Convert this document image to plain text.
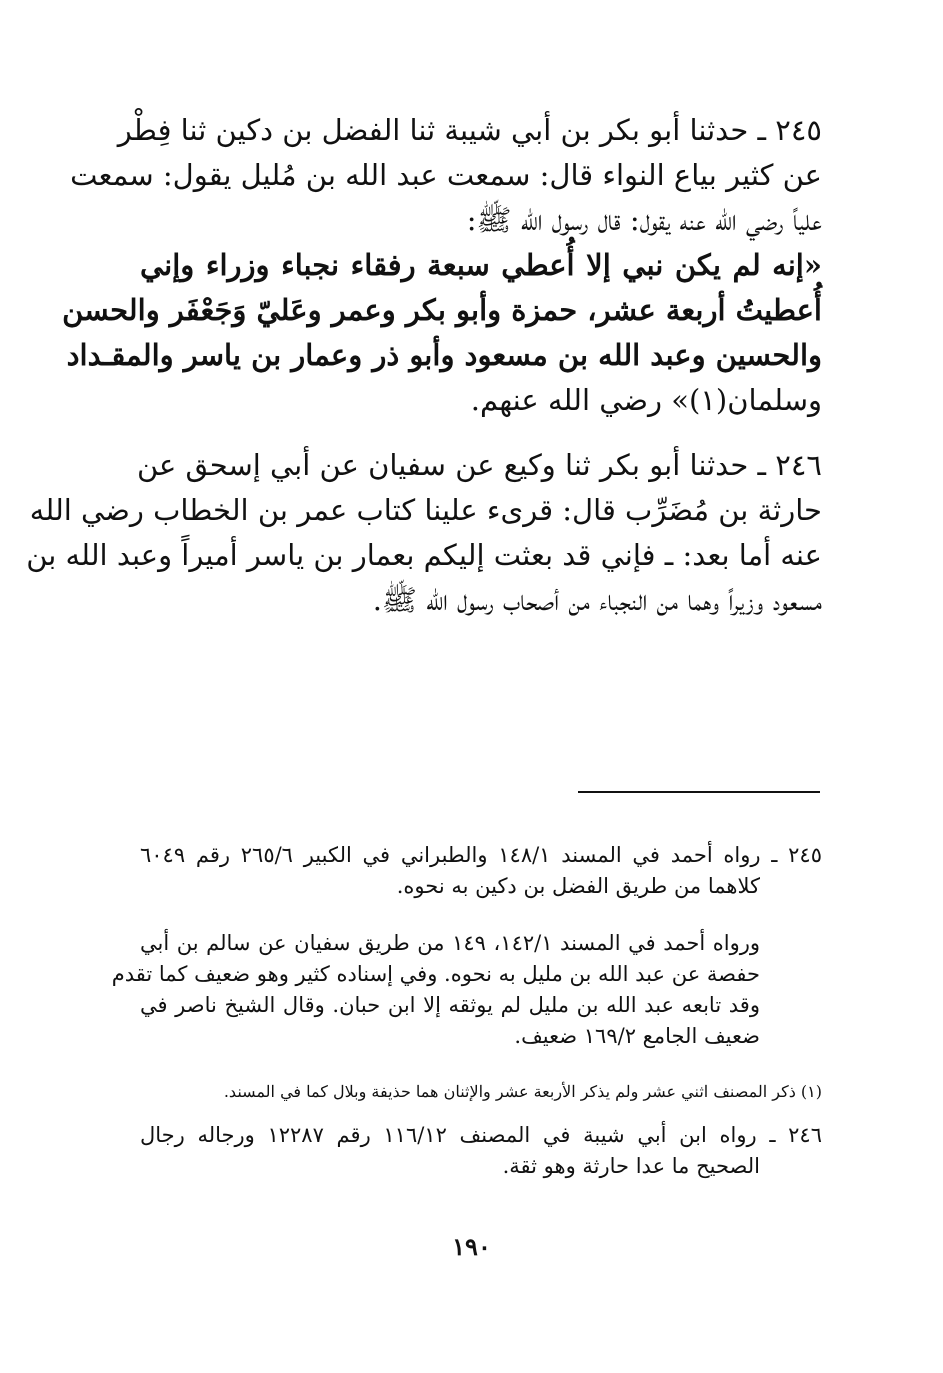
٢٤٥ ـ حدثنا أبو بكر بن أبي شيبة ثنا الفضل بن دكين ثنا فِطْر
عن كثير بياع النواء قال: سمعت عبد الله بن مُليل يقول: سمعت
علياً رضي الله عنه يقول: قال رسول الله ﷺ:
«إنه لم يكن نبي إلا أُعطي سبعة رفقاء نجباء وزراء وإني
أُعطيتُ أربعة عشر، حمزة وأبو بكر وعمر وعَليّ وَجَعْفَر والحسن
والحسين وعبد الله بن مسعود وأبو ذر وعمار بن ياسر والمقـداد
وسلمان(١)» رضي الله عنهم.
٢٤٦ ـ حدثنا أبو بكر ثنا وكيع عن سفيان عن أبي إسحق عن
حارثة بن مُضَرِّب قال: قرىء علينا كتاب عمر بن الخطاب رضي الله
عنه أما بعد: ـ فإني قد بعثت إليكم بعمار بن ياسر أميراً وعبد الله بن
مسعود وزيراً وهما من النجباء من أصحاب رسول الله ﷺ.
٢٤٥ ـ رواه أحمد في المسند ١٤٨/١ والطبراني في الكبير ٢٦٥/٦ رقم ٦٠٤٩
كلاهما من طريق الفضل بن دكين به نحوه.
ورواه أحمد في المسند ١٤٢/١، ١٤٩ من طريق سفيان عن سالم بن أبي
حفصة عن عبد الله بن مليل به نحوه. وفي إسناده كثير وهو ضعيف كما تقدم
وقد تابعه عبد الله بن مليل لم يوثقه إلا ابن حبان. وقال الشيخ ناصر في
ضعيف الجامع ١٦٩/٢ ضعيف.
(١) ذكر المصنف اثني عشر ولم يذكر الأربعة عشر والإثنان هما حذيفة وبلال كما في المسند.
٢٤٦ ـ رواه ابن أبي شيبة في المصنف ١١٦/١٢ رقم ١٢٢٨٧ ورجاله رجال
الصحيح ما عدا حارثة وهو ثقة.
١٩٠
